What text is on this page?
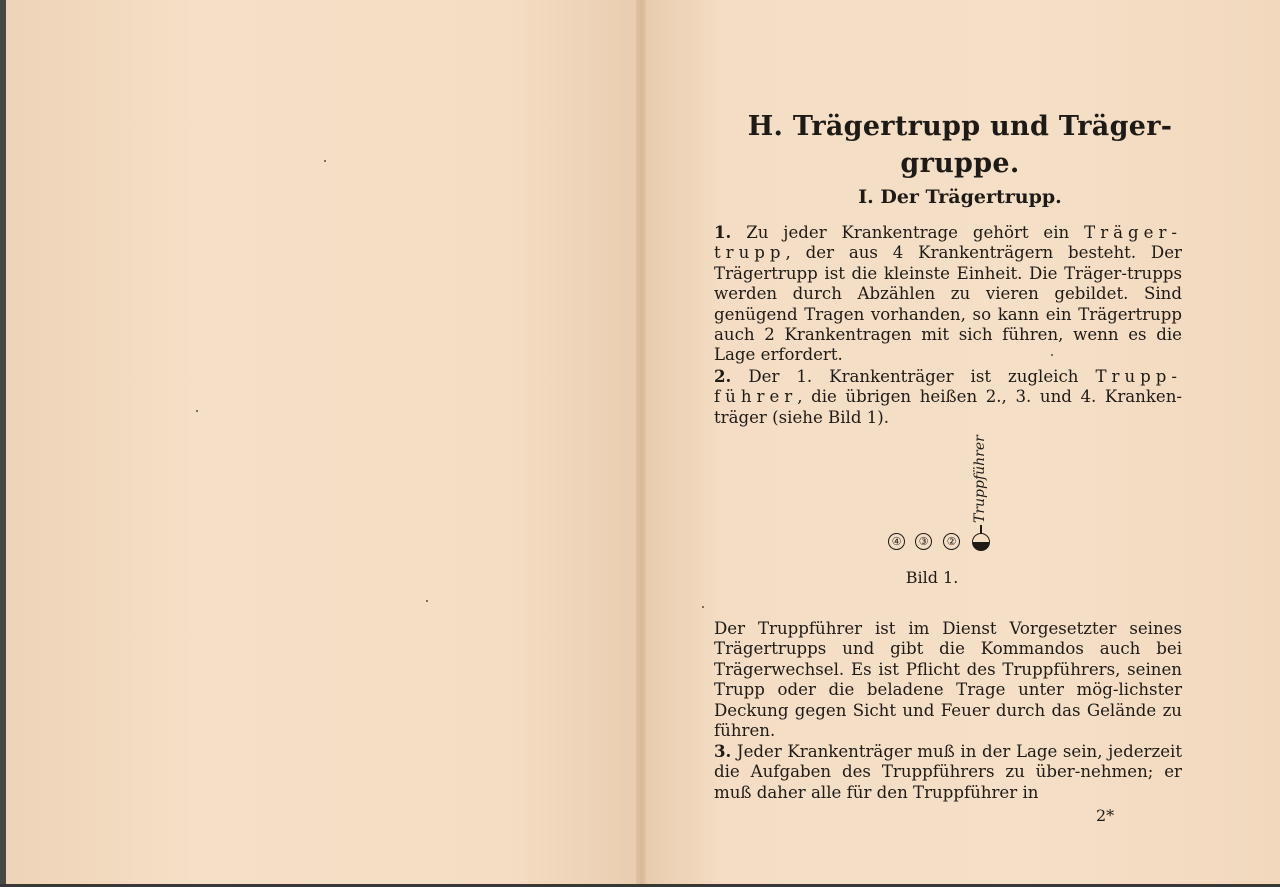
H. Trägertrupp und Träger-
gruppe.
I. Der Trägertrupp.
1. Zu jeder Krankentrage gehört ein Träger-trupp, der aus 4 Krankenträgern besteht. Der Trägertrupp ist die kleinste Einheit. Die Träger-trupps werden durch Abzählen zu vieren gebildet. Sind genügend Tragen vorhanden, so kann ein Trägertrupp auch 2 Krankentragen mit sich führen, wenn es die Lage erfordert.
2. Der 1. Krankenträger ist zugleich Trupp-führer, die übrigen heißen 2., 3. und 4. Kranken-träger (siehe Bild 1).
④	③	②
Truppführer
Bild 1.
Der Truppführer ist im Dienst Vorgesetzter seines Trägertrupps und gibt die Kommandos auch bei Trägerwechsel. Es ist Pflicht des Truppführers, seinen Trupp oder die beladene Trage unter mög-lichster Deckung gegen Sicht und Feuer durch das Gelände zu führen.
3. Jeder Krankenträger muß in der Lage sein, jederzeit die Aufgaben des Truppführers zu über-nehmen; er muß daher alle für den Truppführer in
2*
